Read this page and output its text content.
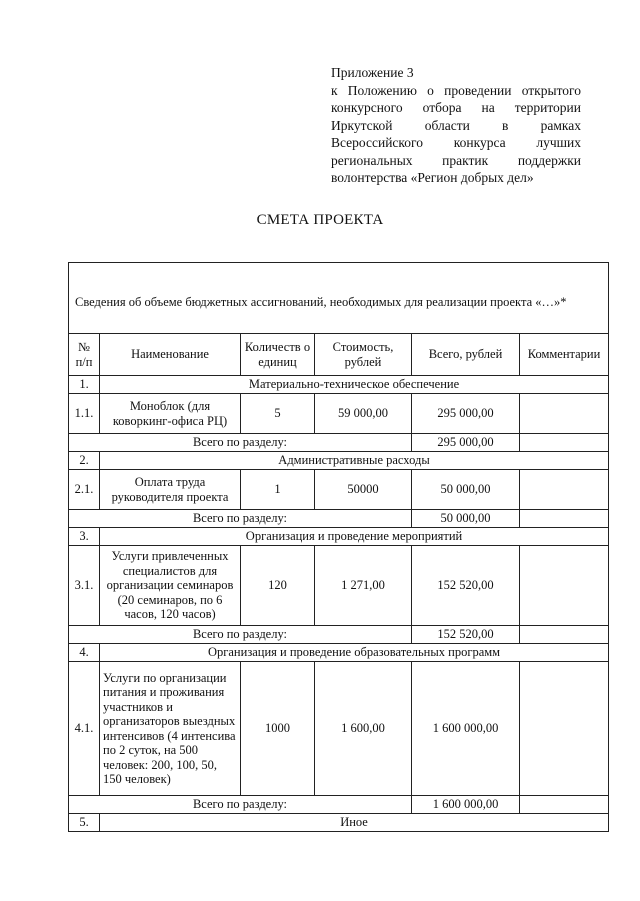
Приложение 3
к Положению о проведении открытого
конкурсного отбора на территории
Иркутской области в рамках
Всероссийского конкурса лучших
региональных практик поддержки
волонтерства «Регион добрых дел»
СМЕТА ПРОЕКТА
Сведения об объеме бюджетных ассигнований, необходимых для реализации проекта «…»*					
№ п/п	Наименование	Количеств о единиц	Стоимость, рублей	Всего, рублей	Комментарии
1.	Материально-техническое обеспечение				
1.1.	Моноблок (для коворкинг-офиса РЦ)	5	59 000,00	295 000,00	
Всего по разделу:				295 000,00	
2.	Административные расходы				
2.1.	Оплата труда руководителя проекта	1	50000	50 000,00	
Всего по разделу:				50 000,00	
3.	Организация и проведение мероприятий				
3.1.	Услуги привлеченных специалистов для организации семинаров (20 семинаров, по 6 часов, 120 часов)	120	1 271,00	152 520,00	
Всего по разделу:				152 520,00	
4.	Организация и проведение образовательных программ				
4.1.	Услуги по организации питания и проживания участников и организаторов выездных интенсивов (4 интенсива по 2 суток, на 500 человек: 200, 100, 50, 150 человек)	1000	1 600,00	1 600 000,00	
Всего по разделу:				1 600 000,00	
5.	Иное				
